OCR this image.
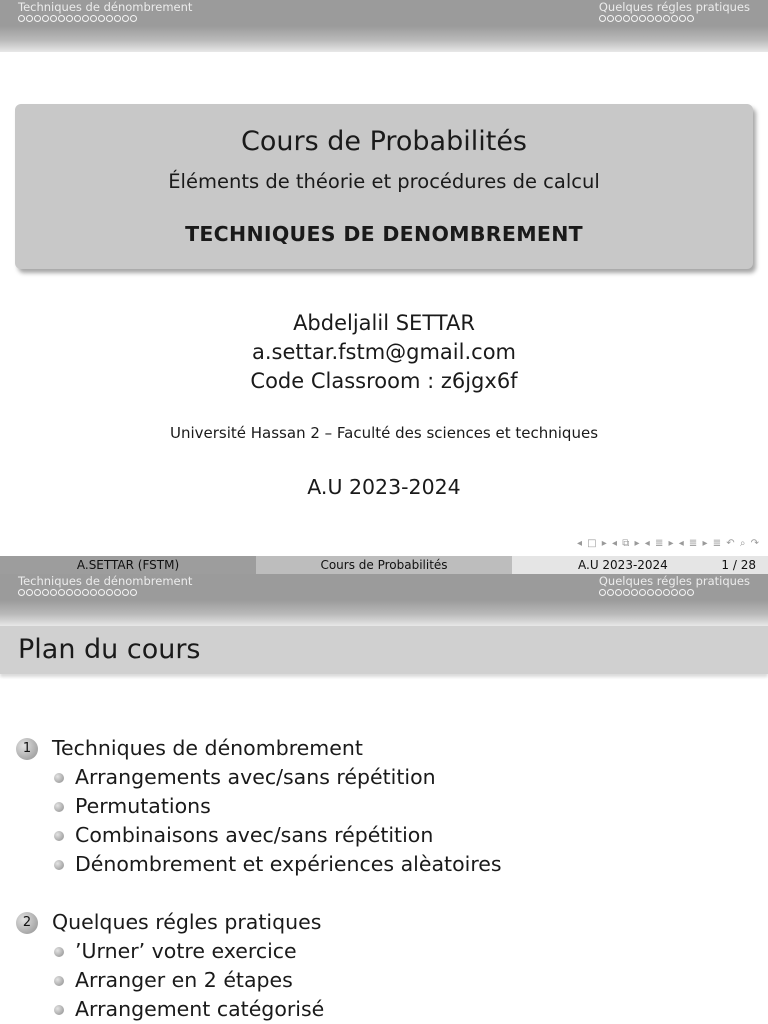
Techniques de dénombrement	Quelques régles pratiques
Cours de Probabilités
Éléments de théorie et procédures de calcul
TECHNIQUES DE DENOMBREMENT
Abdeljalil SETTAR
a.settar.fstm@gmail.com
Code Classroom : z6jgx6f
Université Hassan 2 – Faculté des sciences et techniques
A.U 2023-2024
◂ □ ▸ ◂ ⧉ ▸ ◂ ≣ ▸ ◂ ≣ ▸ ≣ ↶ ⌕ ↷
A.SETTAR (FSTM)	Cours de Probabilités	A.U 2023-2024	1 / 28
Techniques de dénombrement	Quelques régles pratiques
Plan du cours
1	Techniques de dénombrement
Arrangements avec/sans répétition
Permutations
Combinaisons avec/sans répétition
Dénombrement et expériences alèatoires
2	Quelques régles pratiques
’Urner’ votre exercice
Arranger en 2 étapes
Arrangement catégorisé
